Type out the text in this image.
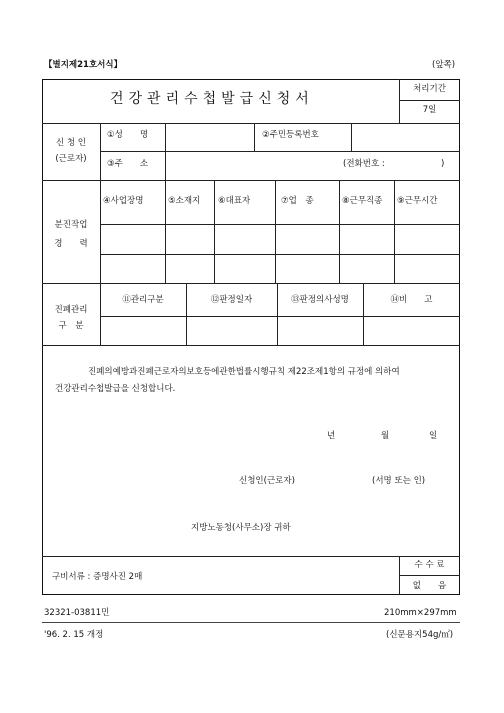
【별지제21호서식】	(앞쪽)
건강관리수첩발급신청서
처리기간
7일
신 청 인
(근로자)
①성　　명	②주민등록번호
③주　　소	(전화번호 :	)
분진작업
경　　력
④사업장명	⑤소재지 ⑥대표자	⑦업　종	⑧근무직종 ⑨근무시간
진폐관리
구　분
⑪관리구분	⑫판정일자	⑬판정의사성명	⑭비　　고
진폐의예방과진폐근로자의보호등에관한법률시행규칙 제22조제1항의 규정에 의하여
건강관리수첩발급을 신청합니다.
년	월	일
신청인(근로자)	(서명 또는 인)
지방노동청(사무소)장 귀하
구비서류 : 증명사진 2매
수 수 료
없　　음
32321-03811민	210mm×297mm
'96. 2. 15 개정	(신문용지54g/㎡)
